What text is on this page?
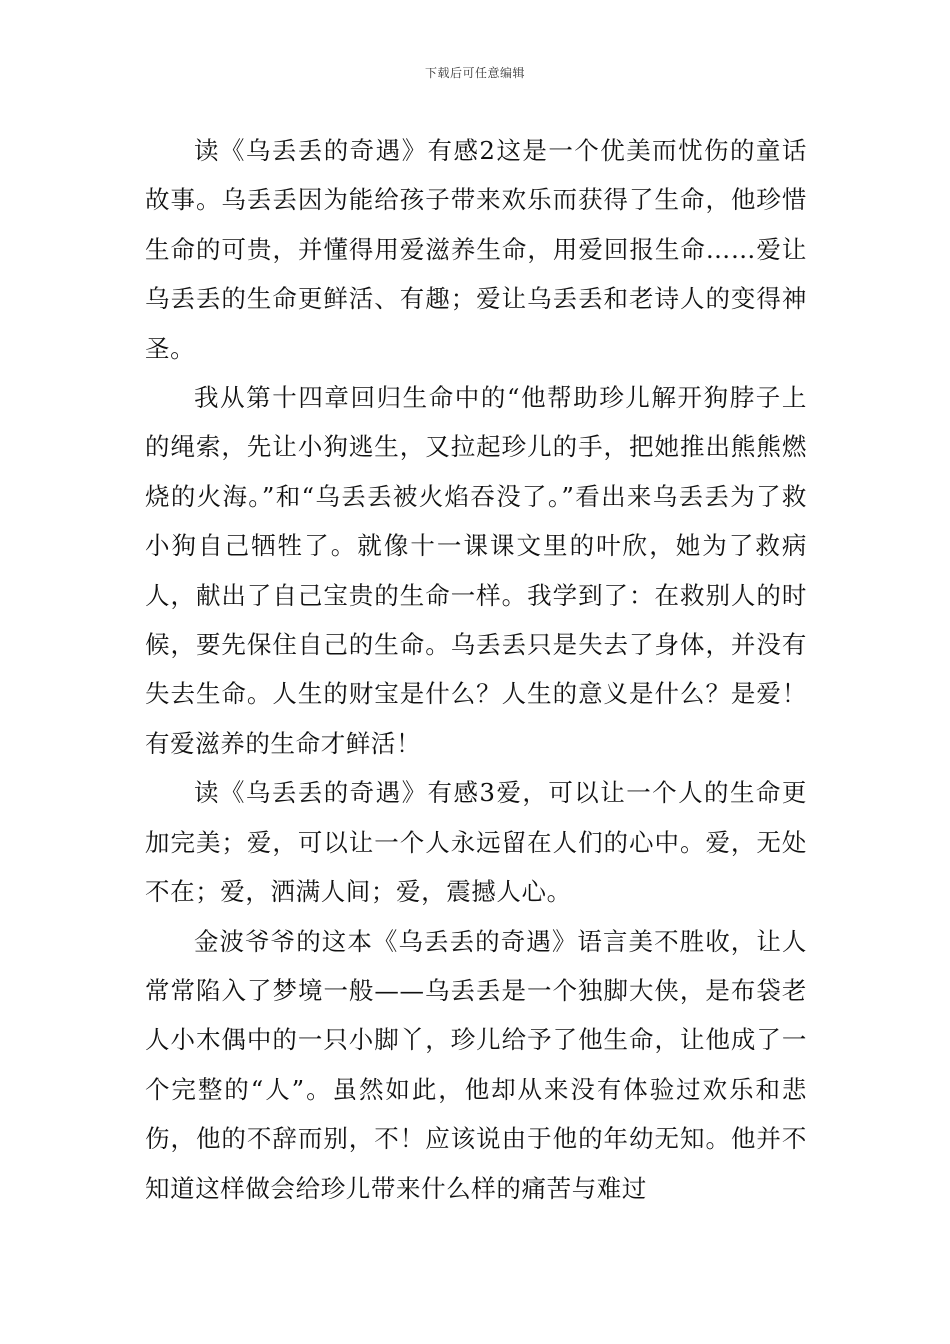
下载后可任意编辑

读《乌丢丢的奇遇》有感2这是一个优美而忧伤的童话故事。乌丢丢因为能给孩子带来欢乐而获得了生命，他珍惜生命的可贵，并懂得用爱滋养生命，用爱回报生命……爱让乌丢丢的生命更鲜活、有趣；爱让乌丢丢和老诗人的变得神圣。

我从第十四章回归生命中的“他帮助珍儿解开狗脖子上的绳索，先让小狗逃生，又拉起珍儿的手，把她推出熊熊燃烧的火海。”和“乌丢丢被火焰吞没了。”看出来乌丢丢为了救小狗自己牺牲了。就像十一课课文里的叶欣，她为了救病人，献出了自己宝贵的生命一样。我学到了：在救别人的时候，要先保住自己的生命。乌丢丢只是失去了身体，并没有失去生命。人生的财宝是什么？人生的意义是什么？是爱！有爱滋养的生命才鲜活！

读《乌丢丢的奇遇》有感3爱，可以让一个人的生命更加完美；爱，可以让一个人永远留在人们的心中。爱，无处不在；爱，洒满人间；爱，震撼人心。

金波爷爷的这本《乌丢丢的奇遇》语言美不胜收，让人常常陷入了梦境一般——乌丢丢是一个独脚大侠，是布袋老人小木偶中的一只小脚丫，珍儿给予了他生命，让他成了一个完整的“人”。虽然如此，他却从来没有体验过欢乐和悲伤，他的不辞而别，不！应该说由于他的年幼无知。他并不知道这样做会给珍儿带来什么样的痛苦与难过
